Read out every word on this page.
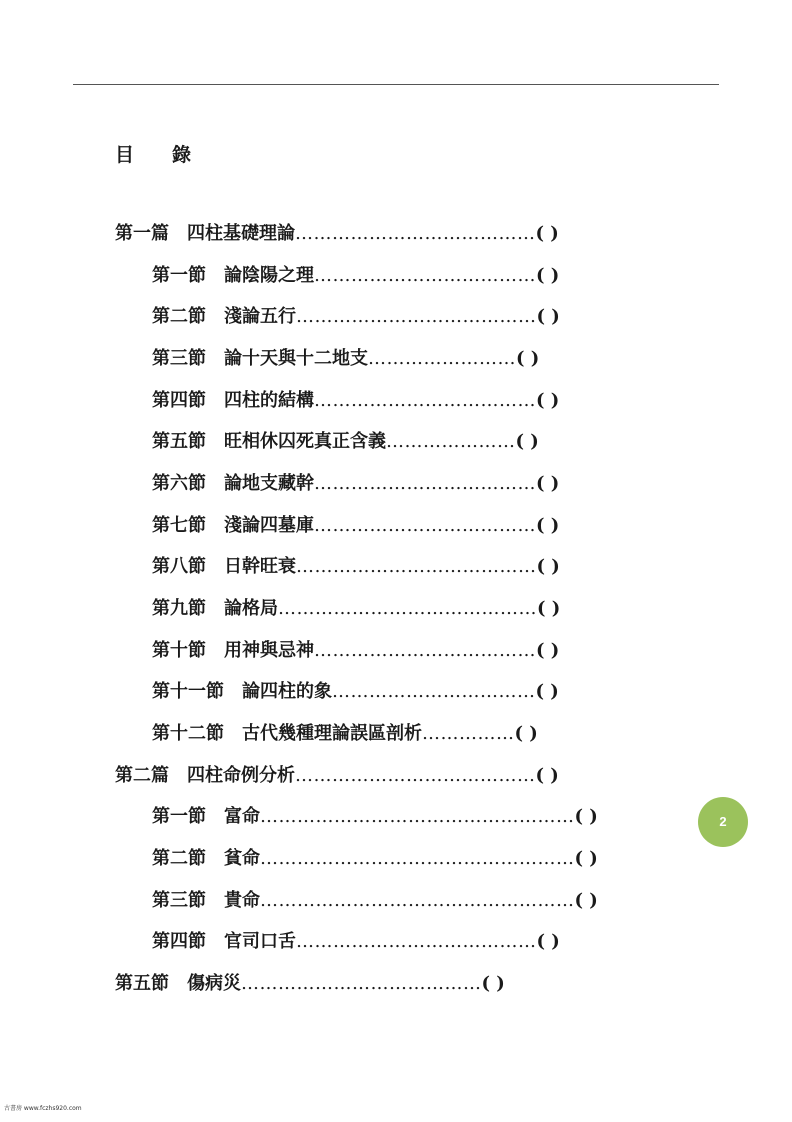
目　　錄
第一篇　 四柱基礎理論…………………………………( )
第一節　 論陰陽之理………………………………( )
第二節　 淺論五行…………………………………( )
第三節　 論十天與十二地支……………………( )
第四節　 四柱的結構………………………………( )
第五節　 旺相休囚死真正含義…………………( )
第六節　 論地支藏幹………………………………( )
第七節　 淺論四墓庫………………………………( )
第八節　 日幹旺衰…………………………………( )
第九節　 論格局……………………………………( )
第十節　 用神與忌神………………………………( )
第十一節　 論四柱的象……………………………( )
第十二節　 古代幾種理論誤區剖析……………( )
第二篇　 四柱命例分析…………………………………( )
第一節　 富命……………………………………………( )
第二節　 貧命……………………………………………( )
第三節　 貴命……………………………………………( )
第四節　 官司口舌…………………………………( )
第五節　 傷病災…………………………………( )
2
古書房 www.fczhs920.com
